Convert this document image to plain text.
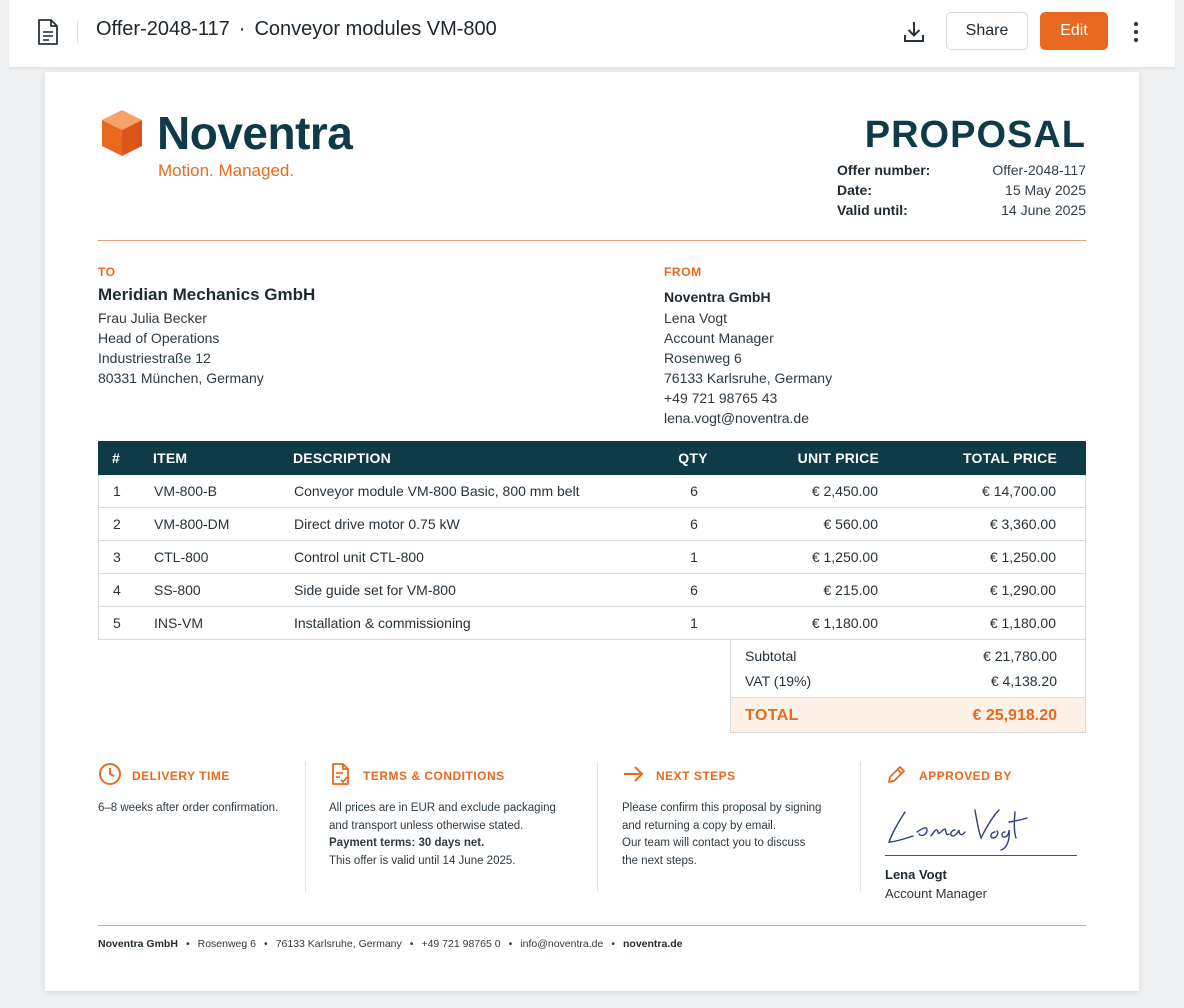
Offer-2048-117 · Conveyor modules VM-800	Share	Edit
Noventra
Motion. Managed.
PROPOSAL
Offer number:	Offer-2048-117
Date:	15 May 2025
Valid until:	14 June 2025
TO
Meridian Mechanics GmbH
Frau Julia Becker
Head of Operations
Industriestraße 12
80331 München, Germany
FROM
Noventra GmbH
Lena Vogt
Account Manager
Rosenweg 6
76133 Karlsruhe, Germany
+49 721 98765 43
lena.vogt@noventra.de
# ITEM	DESCRIPTION	QTY	UNIT PRICE	TOTAL PRICE
1 VM-800-B	Conveyor module VM-800 Basic, 800 mm belt	6	€ 2,450.00	€ 14,700.00
2 VM-800-DM	Direct drive motor 0.75 kW	6	€ 560.00	€ 3,360.00
3 CTL-800	Control unit CTL-800	1	€ 1,250.00	€ 1,250.00
4 SS-800	Side guide set for VM-800	6	€ 215.00	€ 1,290.00
5 INS-VM	Installation & commissioning	1	€ 1,180.00	€ 1,180.00
Subtotal	€ 21,780.00
VAT (19%)	€ 4,138.20
TOTAL	€ 25,918.20
DELIVERY TIME
6–8 weeks after order confirmation.
TERMS & CONDITIONS
All prices are in EUR and exclude packaging
and transport unless otherwise stated.
Payment terms: 30 days net.
This offer is valid until 14 June 2025.
NEXT STEPS
Please confirm this proposal by signing
and returning a copy by email.
Our team will contact you to discuss
the next steps.
APPROVED BY
Lena Vogt
Account Manager
Noventra GmbH • Rosenweg 6 • 76133 Karlsruhe, Germany • +49 721 98765 0 • info@noventra.de • noventra.de
